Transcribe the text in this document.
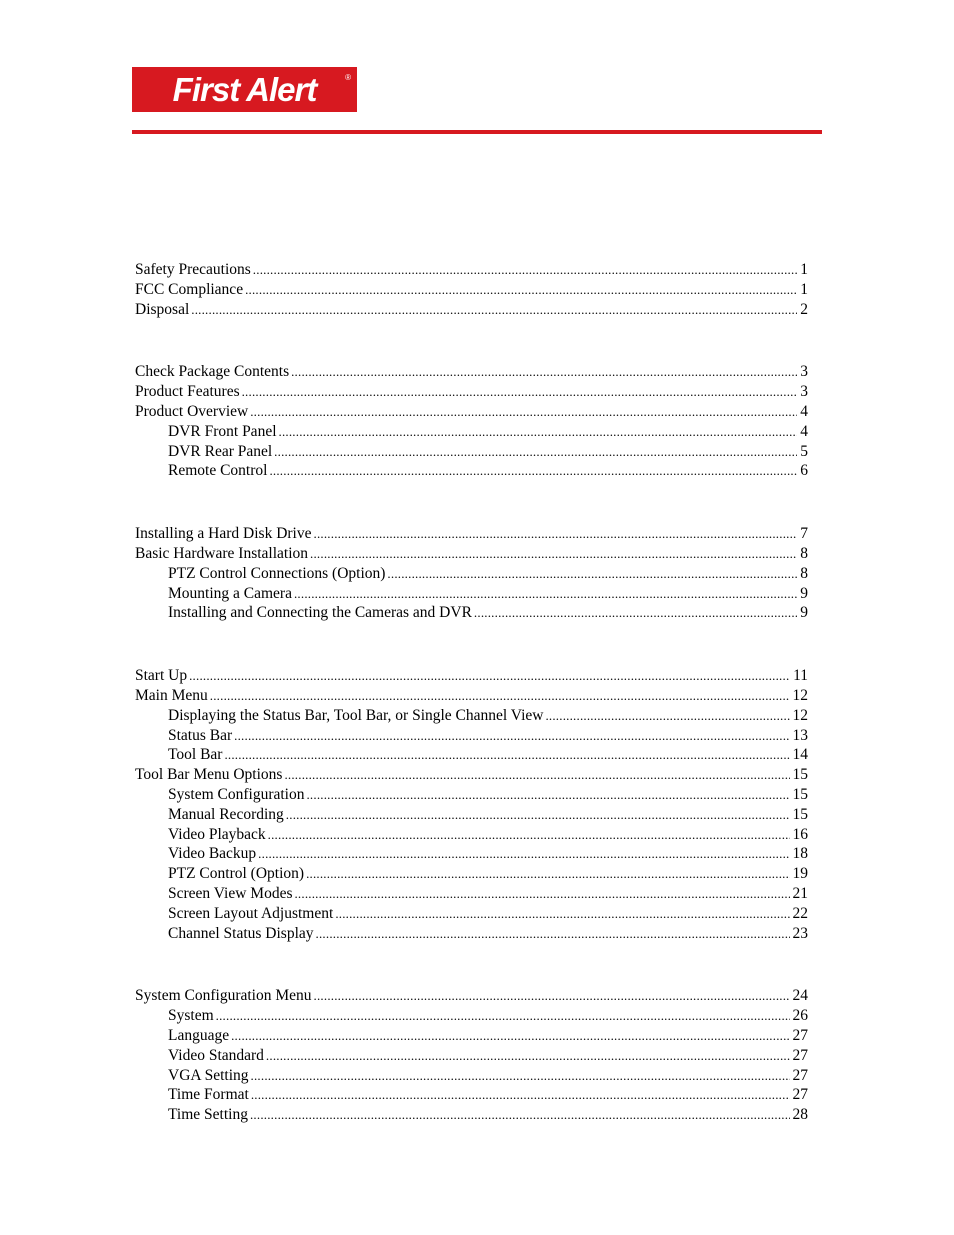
First Alert	®
Safety Precautions .....	1
FCC Compliance .....	1
Disposal .....	2
Check Package Contents .....	3
Product Features .....	3
Product Overview .....	4
DVR Front Panel .....	4
DVR Rear Panel .....	5
Remote Control .....	6
Installing a Hard Disk Drive .....	7
Basic Hardware Installation .....	8
PTZ Control Connections (Option) .....	8
Mounting a Camera .....	9
Installing and Connecting the Cameras and DVR .....	9
Start Up .....	11
Main Menu .....	12
Displaying the Status Bar, Tool Bar, or Single Channel View .....	12
Status Bar .....	13
Tool Bar .....	14
Tool Bar Menu Options .....	15
System Configuration .....	15
Manual Recording .....	15
Video Playback .....	16
Video Backup .....	18
PTZ Control (Option) .....	19
Screen View Modes .....	21
Screen Layout Adjustment .....	22
Channel Status Display .....	23
System Configuration Menu .....	24
System .....	26
Language .....	27
Video Standard .....	27
VGA Setting .....	27
Time Format .....	27
Time Setting .....	28
